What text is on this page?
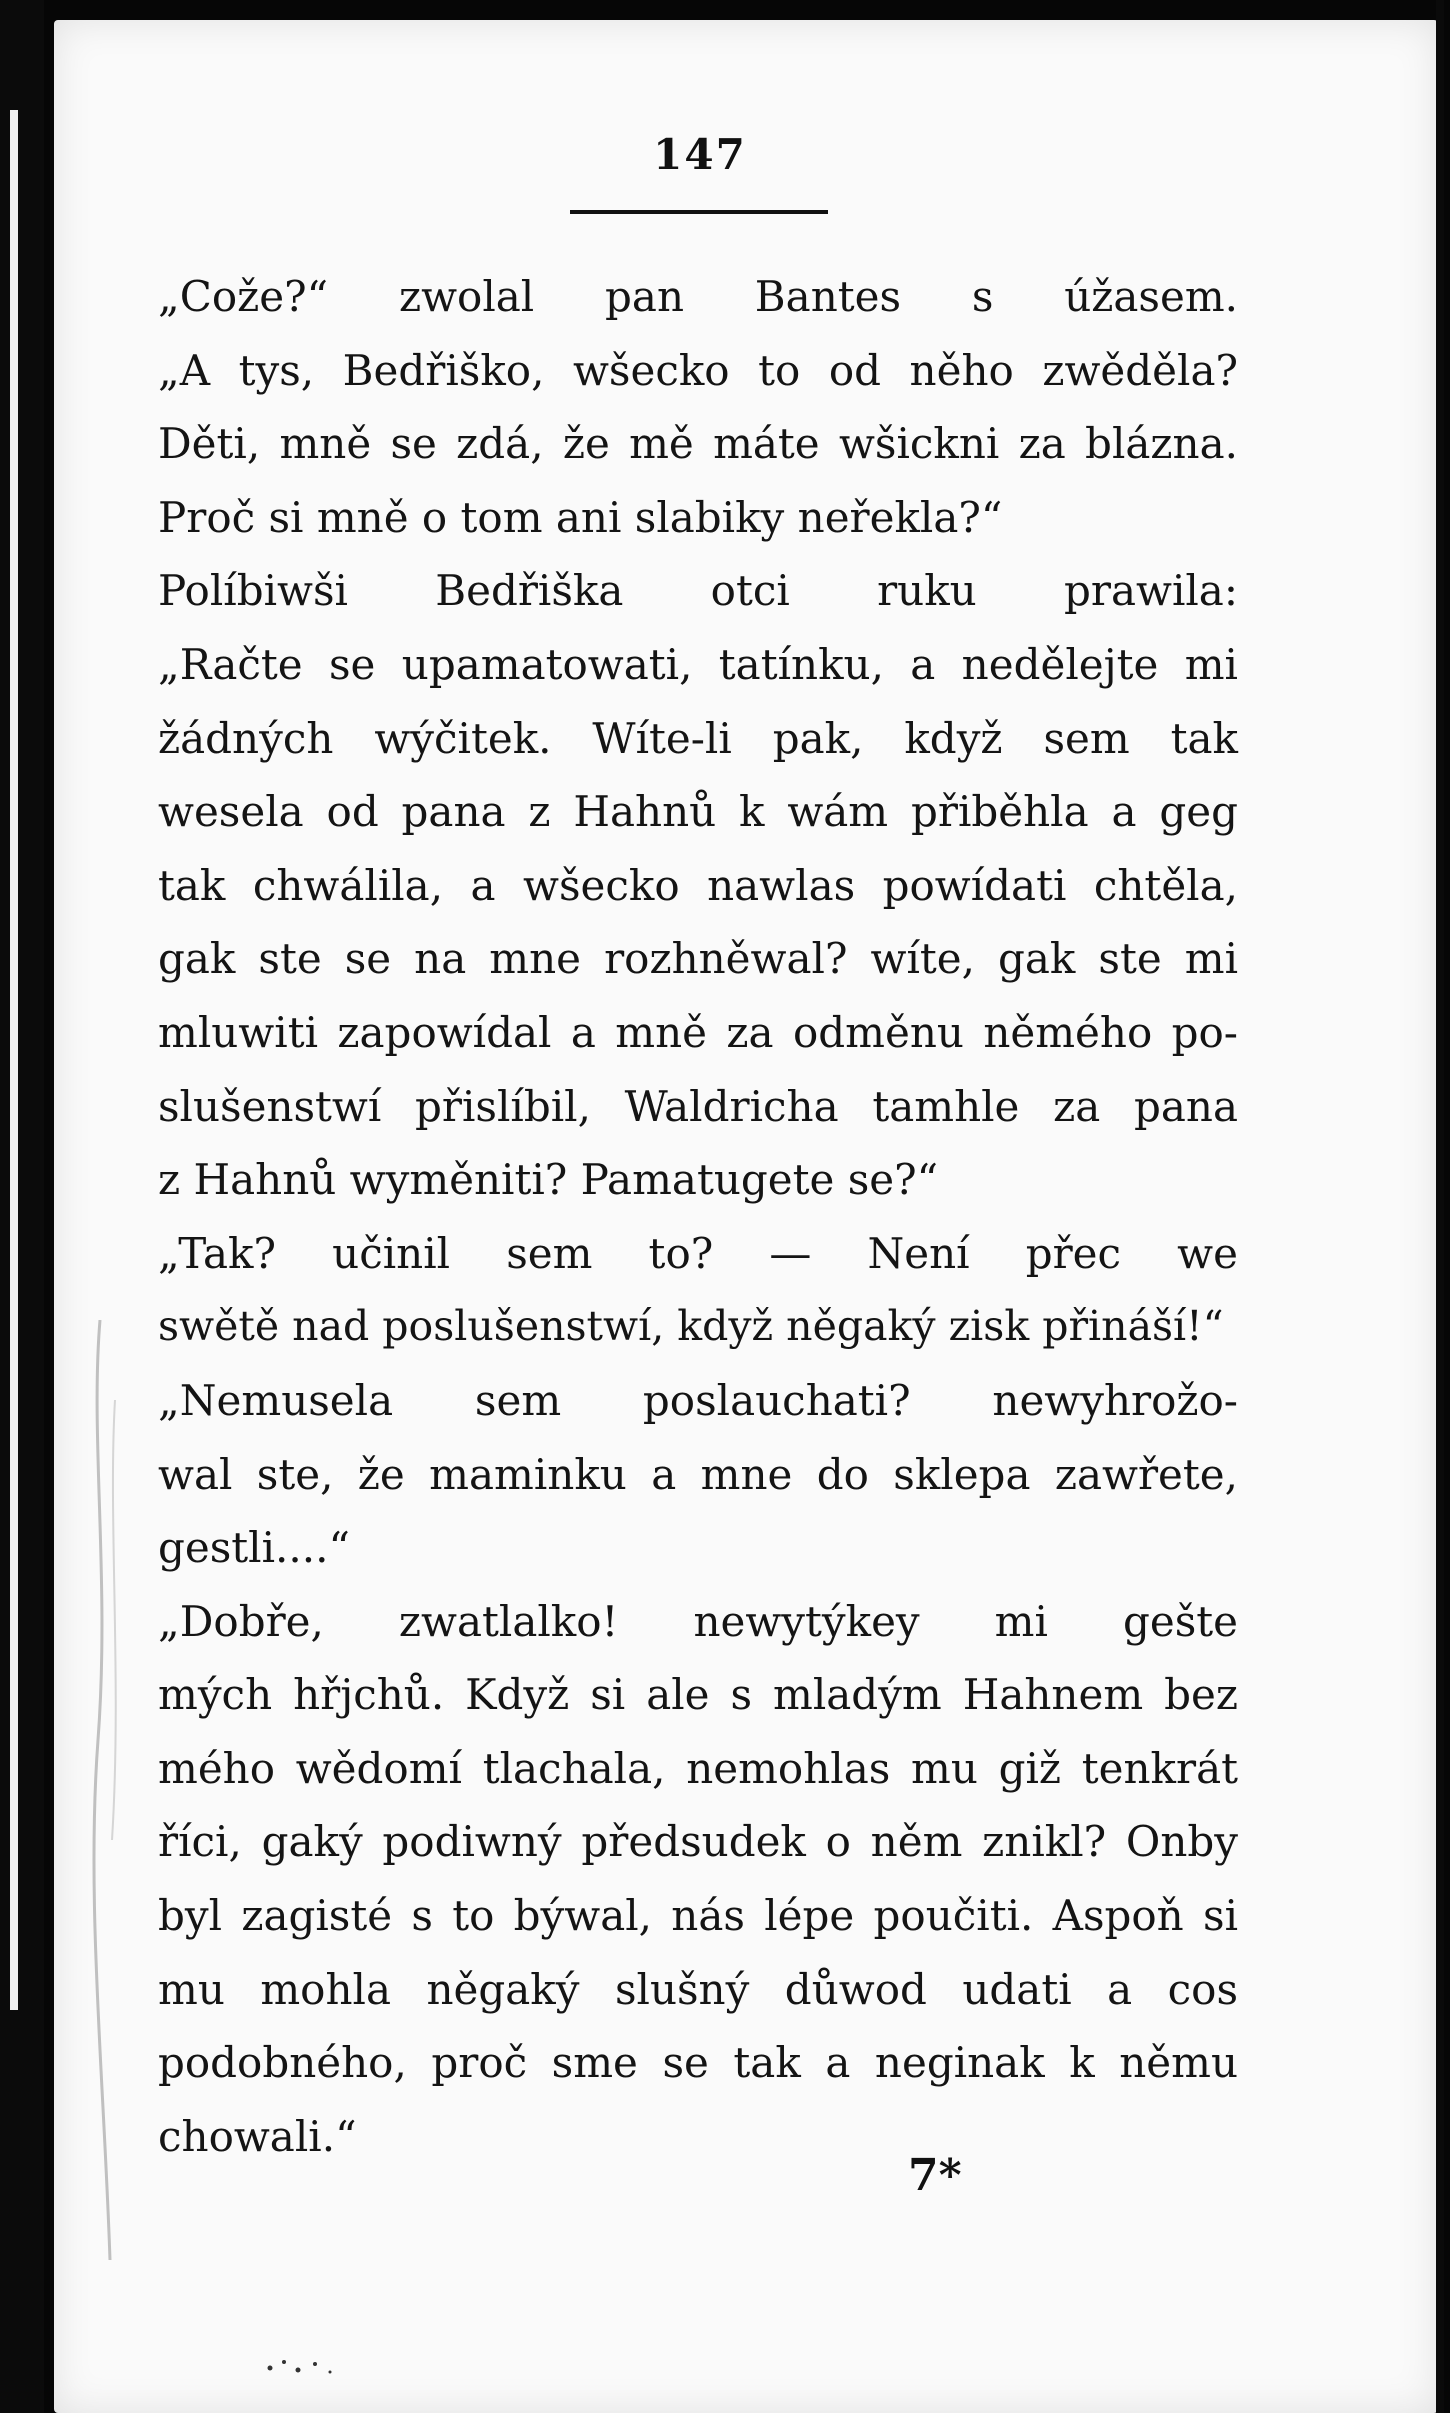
147
„Cože?“ zwolal pan Bantes s úžasem.
„A tys, Bedřiško, wšecko to od něho zwěděla?
Děti, mně se zdá, že mě máte wšickni za blázna.
Proč si mně o tom ani slabiky neřekla?“
Políbiwši Bedřiška otci ruku prawila:
„Račte se upamatowati, tatínku, a nedělejte mi
žádných wýčitek. Wíte-li pak, když sem tak
wesela od pana z Hahnů k wám přiběhla a geg
tak chwálila, a wšecko nawlas powídati chtěla,
gak ste se na mne rozhněwal? wíte, gak ste mi
mluwiti zapowídal a mně za odměnu němého po-
slušenstwí přislíbil, Waldricha tamhle za pana
z Hahnů wyměniti? Pamatugete se?“
„Tak? učinil sem to? — Není přec we
swětě nad poslušenstwí, když něgaký zisk přináší!“
„Nemusela sem poslauchati? newyhrožo-
wal ste, že maminku a mne do sklepa zawřete,
gestli....“
„Dobře, zwatlalko! newytýkey mi gešte
mých hřjchů. Když si ale s mladým Hahnem bez
mého wědomí tlachala, nemohlas mu giž tenkrát
říci, gaký podiwný předsudek o něm znikl? Onby
byl zagisté s to býwal, nás lépe poučiti. Aspoň si
mu mohla něgaký slušný důwod udati a cos
podobného, proč sme se tak a neginak k němu
chowali.“
7*
